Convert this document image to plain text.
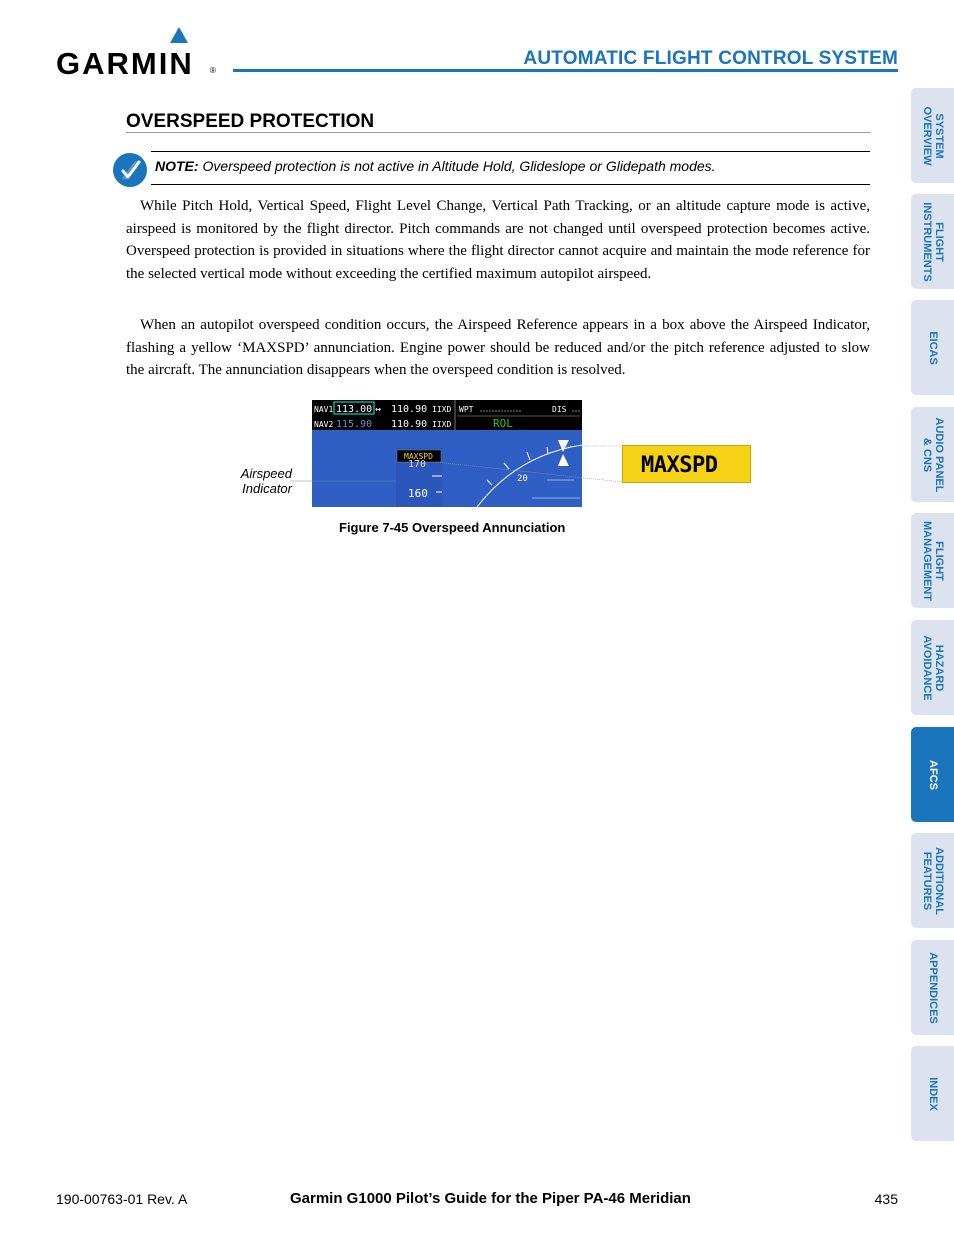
GARMIN ®
AUTOMATIC FLIGHT CONTROL SYSTEM
OVERSPEED PROTECTION
NOTE: Overspeed protection is not active in Altitude Hold, Glideslope or Glidepath modes.

While Pitch Hold, Vertical Speed, Flight Level Change, Vertical Path Tracking, or an altitude capture mode is active, airspeed is monitored by the flight director. Pitch commands are not changed until overspeed protection becomes active. Overspeed protection is provided in situations where the flight director cannot acquire and maintain the mode reference for the selected vertical mode without exceeding the certified maximum autopilot airspeed.

When an autopilot overspeed condition occurs, the Airspeed Reference appears in a box above the Airspeed Indicator, flashing a yellow ‘MAXSPD’ annunciation. Engine power should be reduced and/or the pitch reference adjusted to slow the aircraft. The annunciation disappears when the overspeed condition is resolved.

NAV1 113.00 ↔ 110.90 IIXD
NAV2 115.90 110.90 IIXD
WPT	DIS
ROL
MAXSPD
170
160
20
MAXSPD
Airspeed
Indicator
Figure 7-45 Overspeed Annunciation
SYSTEM
OVERVIEW
FLIGHT
INSTRUMENTS
EICAS
AUDIO PANEL
& CNS
FLIGHT
MANAGEMENT
HAZARD
AVOIDANCE
AFCS
ADDITIONAL
FEATURES
APPENDICES
INDEX
190-00763-01 Rev. A	Garmin G1000 Pilot’s Guide for the Piper PA-46 Meridian	435
